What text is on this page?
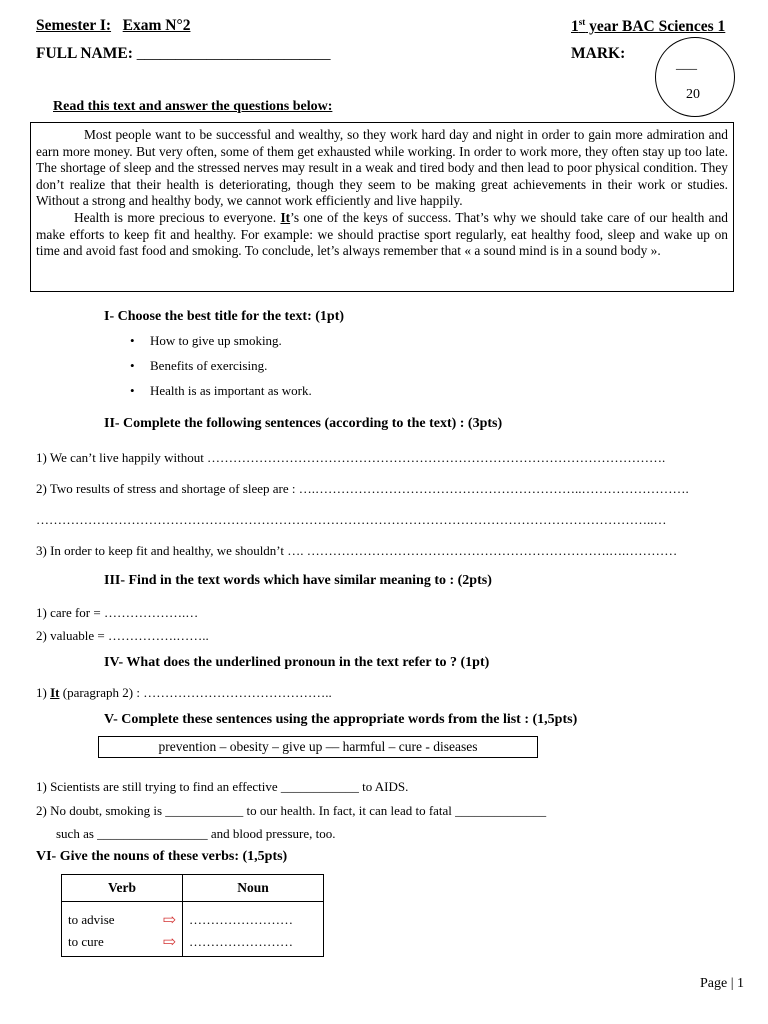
Semester I: Exam N°2	1st year BAC Sciences 1
FULL NAME: _________________________	MARK:
___
20
Read this text and answer the questions below:

Most people want to be successful and wealthy, so they work hard day and night in order to gain more admiration and earn more money. But very often, some of them get exhausted while working. In order to work more, they often stay up too late. The shortage of sleep and the stressed nerves may result in a weak and tired body and then lead to poor physical condition. They don’t realize that their health is deteriorating, though they seem to be making great achievements in their work or studies. Without a strong and healthy body, we cannot work efficiently and live happily.

Health is more precious to everyone. It’s one of the keys of success. That’s why we should take care of our health and make efforts to keep fit and healthy. For example: we should practise sport regularly, eat healthy food, sleep and wake up on time and avoid fast food and smoking. To conclude, let’s always remember that « a sound mind is in a sound body ».

I- Choose the best title for the text: (1pt)
• How to give up smoking.
• Benefits of exercising.
• Health is as important as work.
II- Complete the following sentences (according to the text) : (3pts)
1) We can’t live happily without …………………………………………………………………………………………….
2) Two results of stress and shortage of sleep are : ….……………………………………………………..…………………….
……………………………………………………………………………………………………………………………..…
3) In order to keep fit and healthy, we shouldn’t …. …………………………………………………………….….…………
III- Find in the text words which have similar meaning to : (2pts)
1) care for = ……………….…
2) valuable = …………….……..
IV- What does the underlined pronoun in the text refer to ? (1pt)
1) It (paragraph 2) : ……………………………………..
V- Complete these sentences using the appropriate words from the list : (1,5pts)
prevention – obesity – give up –– harmful – cure - diseases
1) Scientists are still trying to find an effective ____________ to AIDS.
2) No doubt, smoking is ____________ to our health. In fact, it can lead to fatal ______________
such as _________________ and blood pressure, too.
VI- Give the nouns of these verbs: (1,5pts)
Verb	Noun
to advise ⇨	……………………
to cure ⇨	……………………
Page | 1
